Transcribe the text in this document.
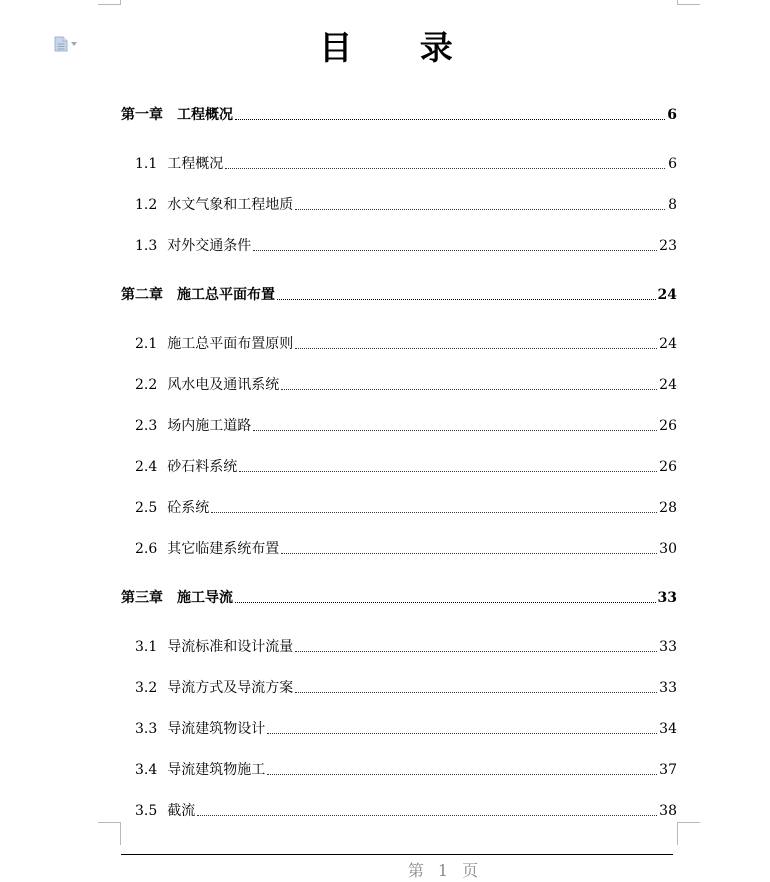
目 录
第一章 工程概况	6
1.1 工程概况	6
1.2 水文气象和工程地质	8
1.3 对外交通条件	23
第二章 施工总平面布置	24
2.1 施工总平面布置原则	24
2.2 风水电及通讯系统	24
2.3 场内施工道路	26
2.4 砂石料系统	26
2.5 砼系统	28
2.6 其它临建系统布置	30
第三章 施工导流	33
3.1 导流标准和设计流量	33
3.2 导流方式及导流方案	33
3.3 导流建筑物设计	34
3.4 导流建筑物施工	37
3.5 截流	38
第1页
